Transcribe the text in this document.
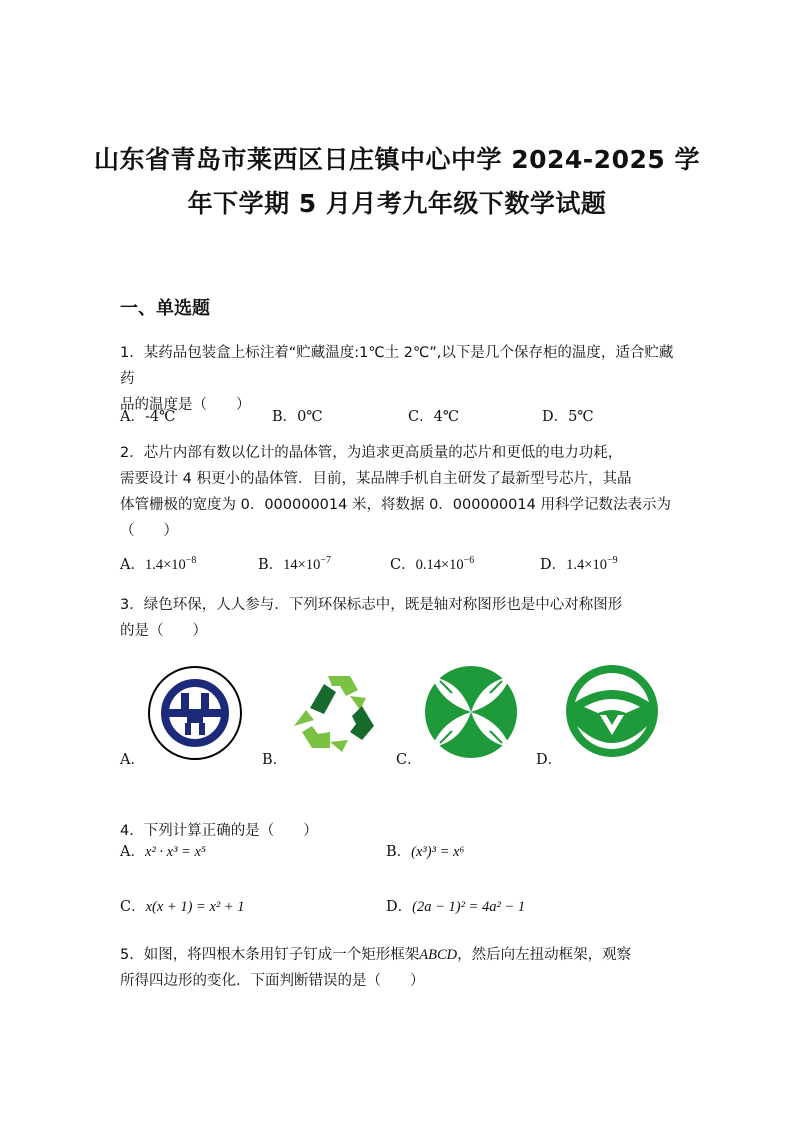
山东省青岛市莱西区日庄镇中心中学 2024-2025 学
年下学期 5 月月考九年级下数学试题
一、单选题
1．某药品包装盒上标注着“贮藏温度:1℃土 2℃”,以下是几个保存柜的温度，适合贮藏药
品的温度是（　　）
A．-4℃	B．0℃	C．4℃	D．5℃
2．芯片内部有数以亿计的晶体管，为追求更高质量的芯片和更低的电力功耗，
需要设计 4 积更小的晶体管．目前，某品牌手机自主研发了最新型号芯片，其晶
体管栅极的宽度为 0．000000014 米，将数据 0．000000014 用科学记数法表示为
（　　）
A．$1.4\times 10^{-8}$	B．$14\times 10^{-7}$	C．$0.14\times 10^{-6}$	D．$1.4\times 10^{-9}$
3．绿色环保，人人参与．下列环保标志中，既是轴对称图形也是中心对称图形
的是（　　）
A．	B．	C．	D．
4．下列计算正确的是（　　）
A．x² · x³ = x⁵	B．(x³)³ = x⁶
C．x(x + 1) = x² + 1	D．(2a − 1)² = 4a² − 1
5．如图，将四根木条用钉子钉成一个矩形框架ABCD，然后向左扭动框架，观察
所得四边形的变化．下面判断错误的是（　　）
